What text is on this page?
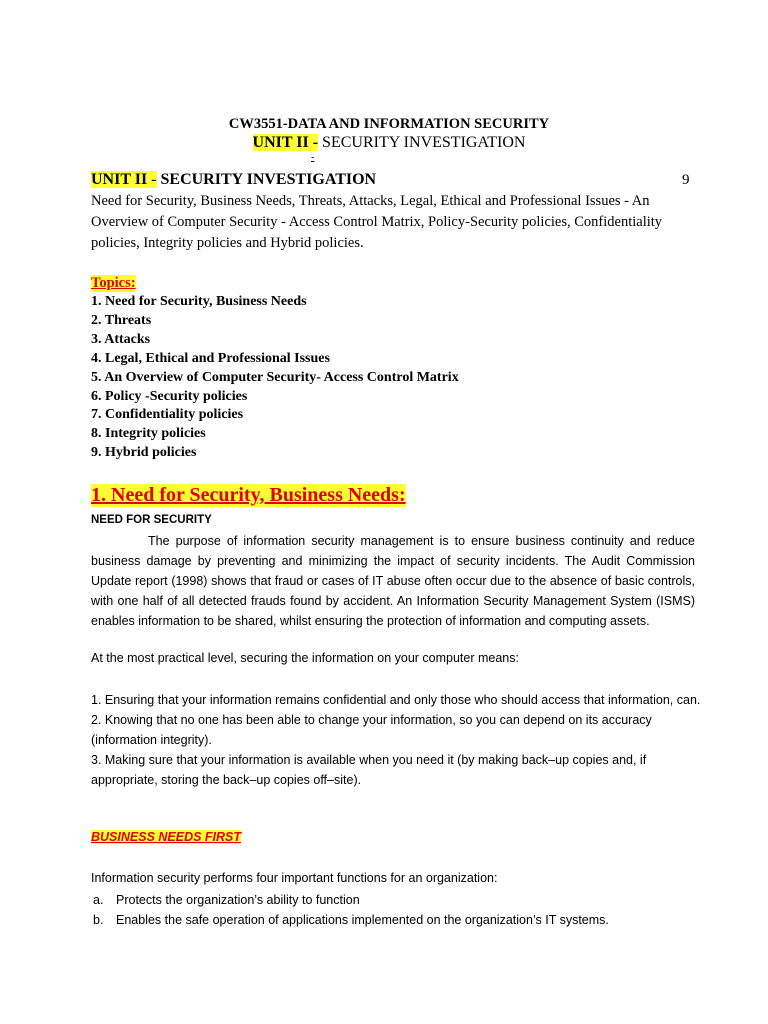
CW3551-DATA AND INFORMATION SECURITY
UNIT II - SECURITY INVESTIGATION
-
UNIT II - SECURITY INVESTIGATION	9
Need for Security, Business Needs, Threats, Attacks, Legal, Ethical and Professional Issues - An Overview of Computer Security - Access Control Matrix, Policy-Security policies, Confidentiality policies, Integrity policies and Hybrid policies.
Topics:
1. Need for Security, Business Needs
2. Threats
3. Attacks
4. Legal, Ethical and Professional Issues
5. An Overview of Computer Security- Access Control Matrix
6. Policy -Security policies
7. Confidentiality policies
8. Integrity policies
9. Hybrid policies
1. Need for Security, Business Needs:
NEED FOR SECURITY
The purpose of information security management is to ensure business continuity and reduce business damage by preventing and minimizing the impact of security incidents. The Audit Commission Update report (1998) shows that fraud or cases of IT abuse often occur due to the absence of basic controls, with one half of all detected frauds found by accident. An Information Security Management System (ISMS) enables information to be shared, whilst ensuring the protection of information and computing assets.
At the most practical level, securing the information on your computer means:
1. Ensuring that your information remains confidential and only those who should access that information, can.
2. Knowing that no one has been able to change your information, so you can depend on its accuracy (information integrity).
3. Making sure that your information is available when you need it (by making back–up copies and, if appropriate, storing the back–up copies off–site).
BUSINESS NEEDS FIRST
Information security performs four important functions for an organization:
a. Protects the organization’s ability to function
b. Enables the safe operation of applications implemented on the organization’s IT systems.
